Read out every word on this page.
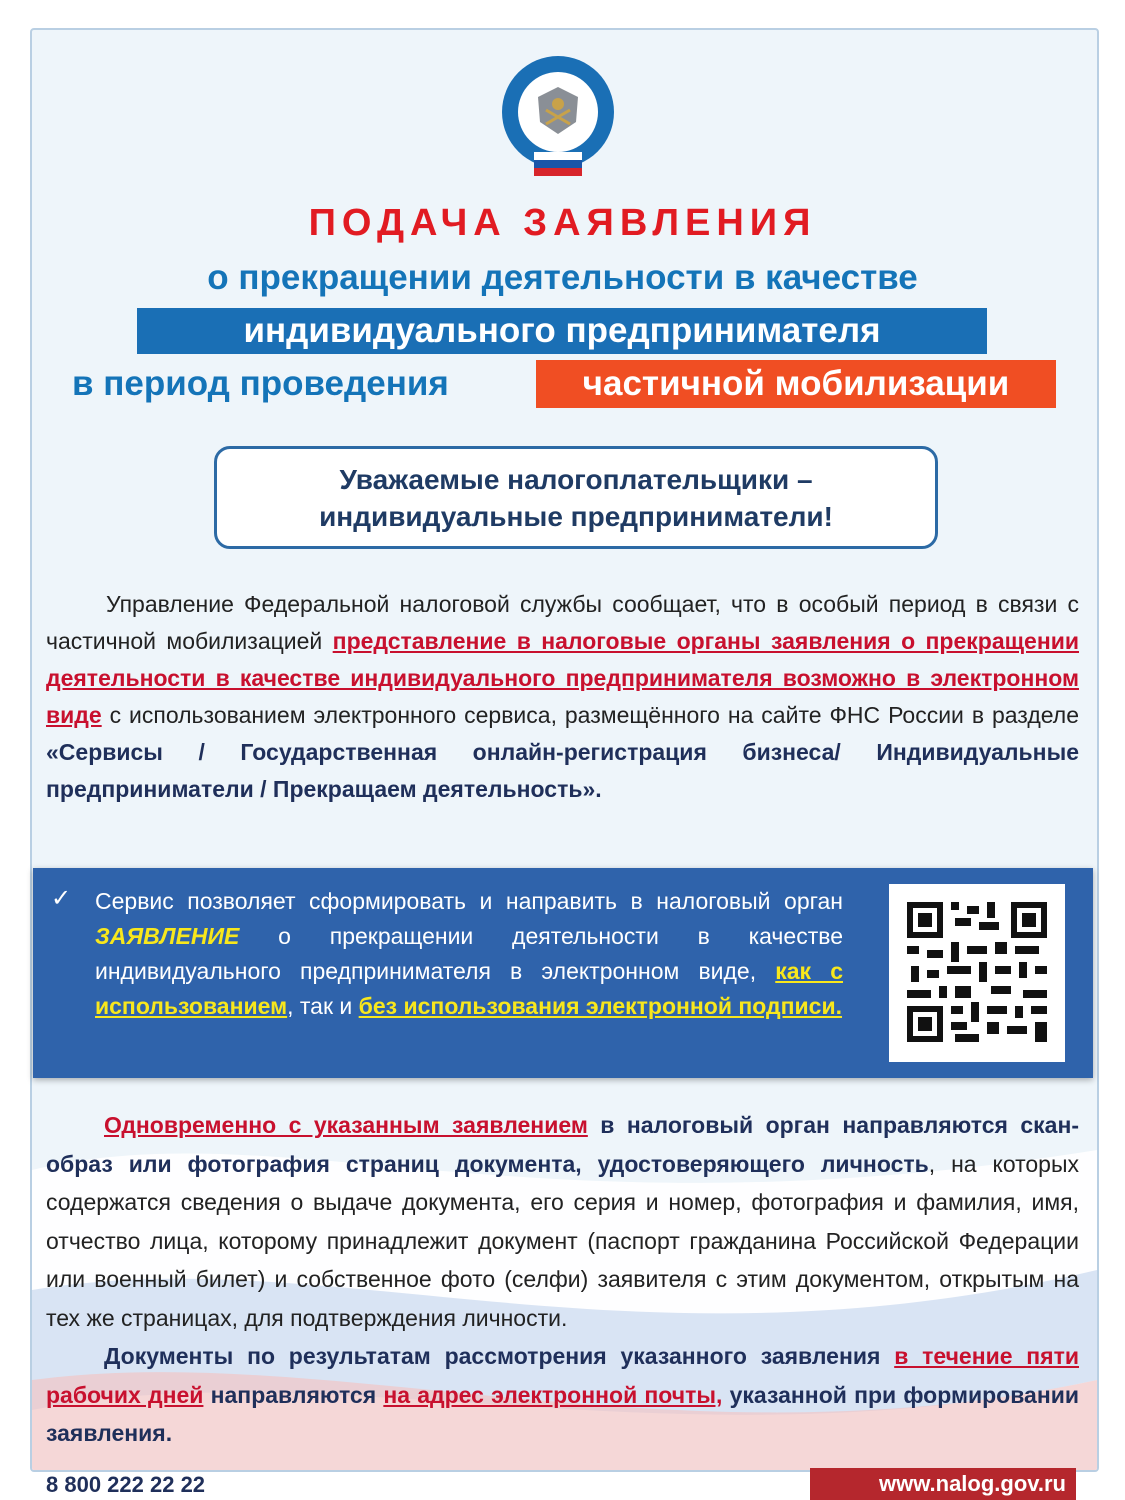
ПОДАЧА ЗАЯВЛЕНИЯ
о прекращении деятельности в качестве
индивидуального предпринимателя
в период проведения	частичной мобилизации
Уважаемые налогоплательщики –
индивидуальные предприниматели!
Управление Федеральной налоговой службы сообщает, что в особый период в связи с частичной мобилизацией представление в налоговые органы заявления о прекращении деятельности в качестве индивидуального предпринимателя возможно в электронном виде с использованием электронного сервиса, размещённого на сайте ФНС России в разделе «Сервисы / Государственная онлайн-регистрация бизнеса/ Индивидуальные предприниматели / Прекращаем деятельность».
✓ Сервис позволяет сформировать и направить в налоговый орган ЗАЯВЛЕНИЕ о прекращении деятельности в качестве индивидуального предпринимателя в электронном виде, как с использованием, так и без использования электронной подписи.
Одновременно с указанным заявлением в налоговый орган направляются скан-образ или фотография страниц документа, удостоверяющего личность, на которых содержатся сведения о выдаче документа, его серия и номер, фотография и фамилия, имя, отчество лица, которому принадлежит документ (паспорт гражданина Российской Федерации или военный билет) и собственное фото (селфи) заявителя с этим документом, открытым на тех же страницах, для подтверждения личности.
Документы по результатам рассмотрения указанного заявления в течение пяти рабочих дней направляются на адрес электронной почты, указанной при формировании заявления.
8 800 222 22 22	www.nalog.gov.ru
